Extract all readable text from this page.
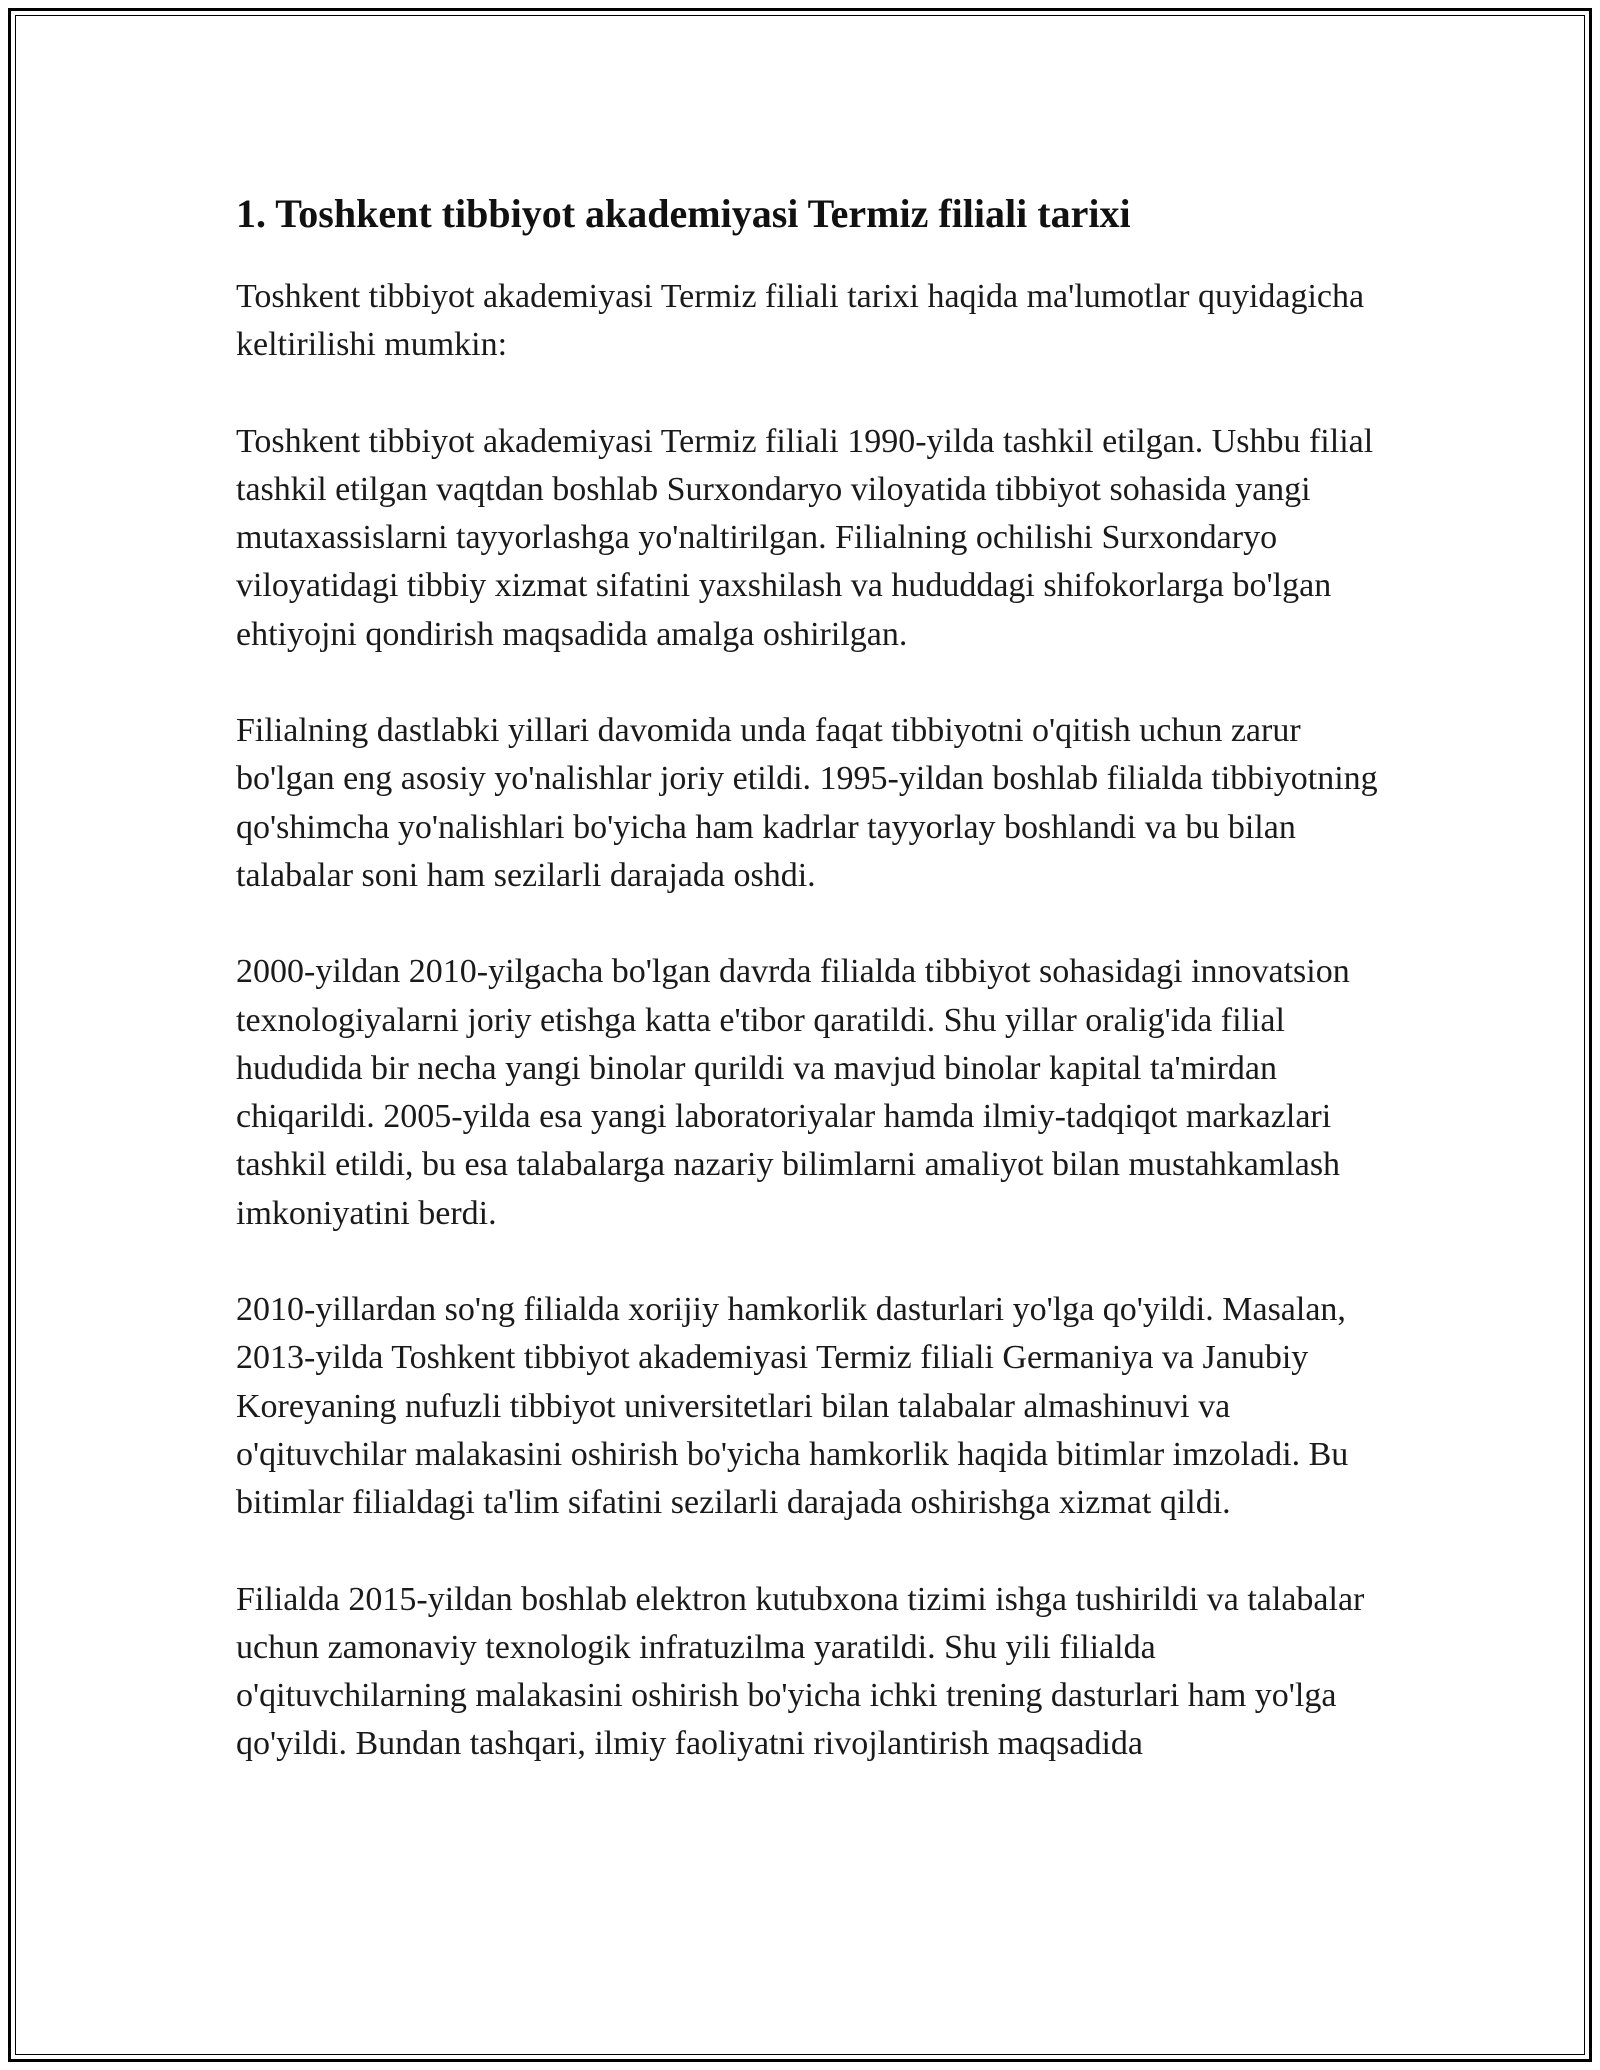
1. Toshkent tibbiyot akademiyasi Termiz filiali tarixi

Toshkent tibbiyot akademiyasi Termiz filiali tarixi haqida ma'lumotlar quyidagicha keltirilishi mumkin:

Toshkent tibbiyot akademiyasi Termiz filiali 1990-yilda tashkil etilgan. Ushbu filial tashkil etilgan vaqtdan boshlab Surxondaryo viloyatida tibbiyot sohasida yangi mutaxassislarni tayyorlashga yo'naltirilgan. Filialning ochilishi Surxondaryo viloyatidagi tibbiy xizmat sifatini yaxshilash va hududdagi shifokorlarga bo'lgan ehtiyojni qondirish maqsadida amalga oshirilgan.

Filialning dastlabki yillari davomida unda faqat tibbiyotni o'qitish uchun zarur bo'lgan eng asosiy yo'nalishlar joriy etildi. 1995-yildan boshlab filialda tibbiyotning qo'shimcha yo'nalishlari bo'yicha ham kadrlar tayyorlay boshlandi va bu bilan talabalar soni ham sezilarli darajada oshdi.

2000-yildan 2010-yilgacha bo'lgan davrda filialda tibbiyot sohasidagi innovatsion texnologiyalarni joriy etishga katta e'tibor qaratildi. Shu yillar oralig'ida filial hududida bir necha yangi binolar qurildi va mavjud binolar kapital ta'mirdan chiqarildi. 2005-yilda esa yangi laboratoriyalar hamda ilmiy-tadqiqot markazlari tashkil etildi, bu esa talabalarga nazariy bilimlarni amaliyot bilan mustahkamlash imkoniyatini berdi.

2010-yillardan so'ng filialda xorijiy hamkorlik dasturlari yo'lga qo'yildi. Masalan, 2013-yilda Toshkent tibbiyot akademiyasi Termiz filiali Germaniya va Janubiy Koreyaning nufuzli tibbiyot universitetlari bilan talabalar almashinuvi va o'qituvchilar malakasini oshirish bo'yicha hamkorlik haqida bitimlar imzoladi. Bu bitimlar filialdagi ta'lim sifatini sezilarli darajada oshirishga xizmat qildi.

Filialda 2015-yildan boshlab elektron kutubxona tizimi ishga tushirildi va talabalar uchun zamonaviy texnologik infratuzilma yaratildi. Shu yili filialda o'qituvchilarning malakasini oshirish bo'yicha ichki trening dasturlari ham yo'lga qo'yildi. Bundan tashqari, ilmiy faoliyatni rivojlantirish maqsadida
